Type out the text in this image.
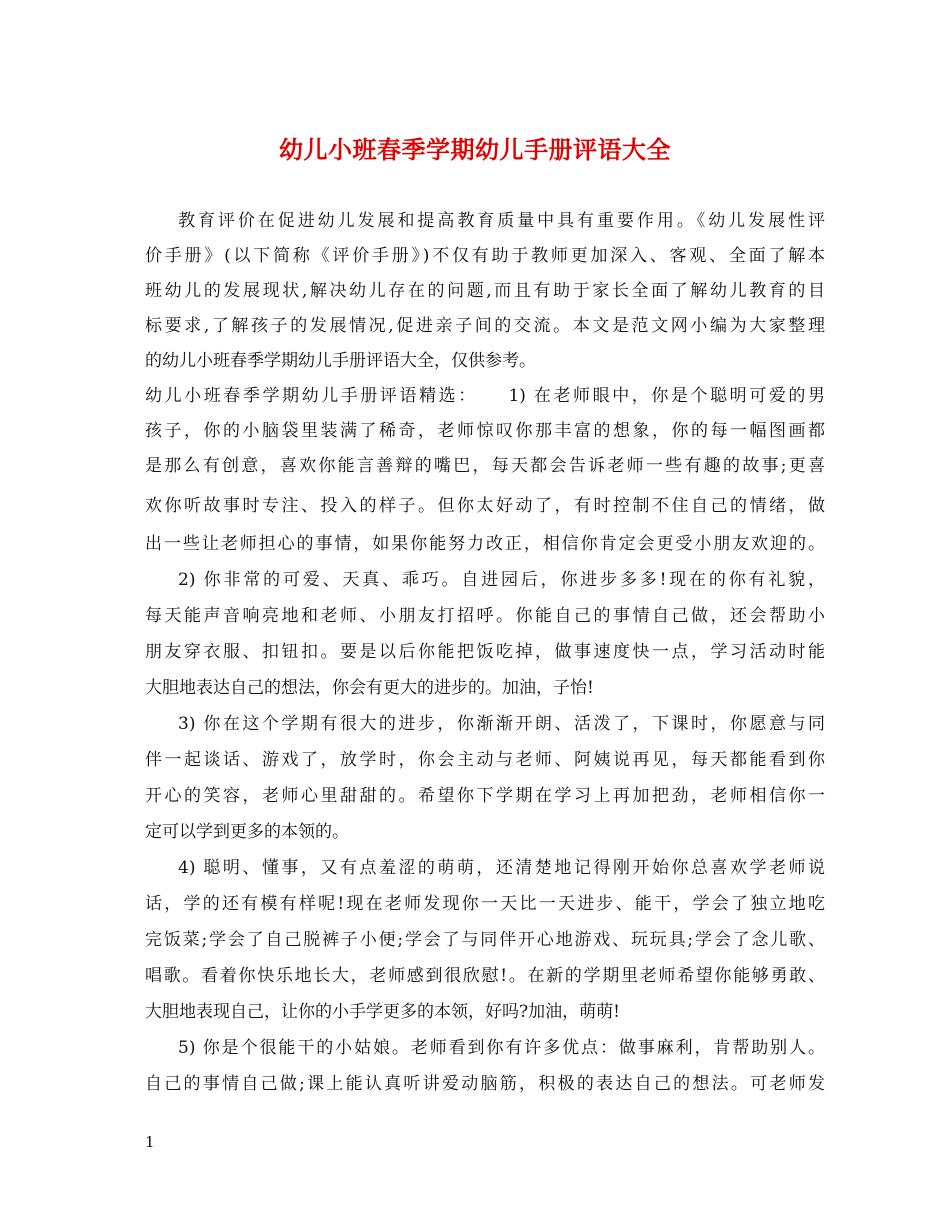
幼儿小班春季学期幼儿手册评语大全
教育评价在促进幼儿发展和提高教育质量中具有重要作用。《幼儿发展性评
价手册》(以下简称《评价手册》)不仅有助于教师更加深入、客观、全面了解本
班幼儿的发展现状,解决幼儿存在的问题,而且有助于家长全面了解幼儿教育的目
标要求,了解孩子的发展情况,促进亲子间的交流。本文是范文网小编为大家整理
的幼儿小班春季学期幼儿手册评语大全，仅供参考。
幼儿小班春季学期幼儿手册评语精选：　　1) 在老师眼中，你是个聪明可爱的男
孩子，你的小脑袋里装满了稀奇，老师惊叹你那丰富的想象，你的每一幅图画都
是那么有创意，喜欢你能言善辩的嘴巴，每天都会告诉老师一些有趣的故事;更喜
欢你听故事时专注、投入的样子。但你太好动了，有时控制不住自己的情绪，做
出一些让老师担心的事情，如果你能努力改正，相信你肯定会更受小朋友欢迎的。
2) 你非常的可爱、天真、乖巧。自进园后，你进步多多!现在的你有礼貌，
每天能声音响亮地和老师、小朋友打招呼。你能自己的事情自己做，还会帮助小
朋友穿衣服、扣钮扣。要是以后你能把饭吃掉，做事速度快一点，学习活动时能
大胆地表达自己的想法，你会有更大的进步的。加油，子怡!
3) 你在这个学期有很大的进步，你渐渐开朗、活泼了，下课时，你愿意与同
伴一起谈话、游戏了，放学时，你会主动与老师、阿姨说再见，每天都能看到你
开心的笑容，老师心里甜甜的。希望你下学期在学习上再加把劲，老师相信你一
定可以学到更多的本领的。
4) 聪明、懂事，又有点羞涩的萌萌，还清楚地记得刚开始你总喜欢学老师说
话，学的还有模有样呢!现在老师发现你一天比一天进步、能干，学会了独立地吃
完饭菜;学会了自己脱裤子小便;学会了与同伴开心地游戏、玩玩具;学会了念儿歌、
唱歌。看着你快乐地长大，老师感到很欣慰!。在新的学期里老师希望你能够勇敢、
大胆地表现自己，让你的小手学更多的本领，好吗?加油，萌萌!
5) 你是个很能干的小姑娘。老师看到你有许多优点：做事麻利，肯帮助别人。
自己的事情自己做;课上能认真听讲爱动脑筋，积极的表达自己的想法。可老师发
1
